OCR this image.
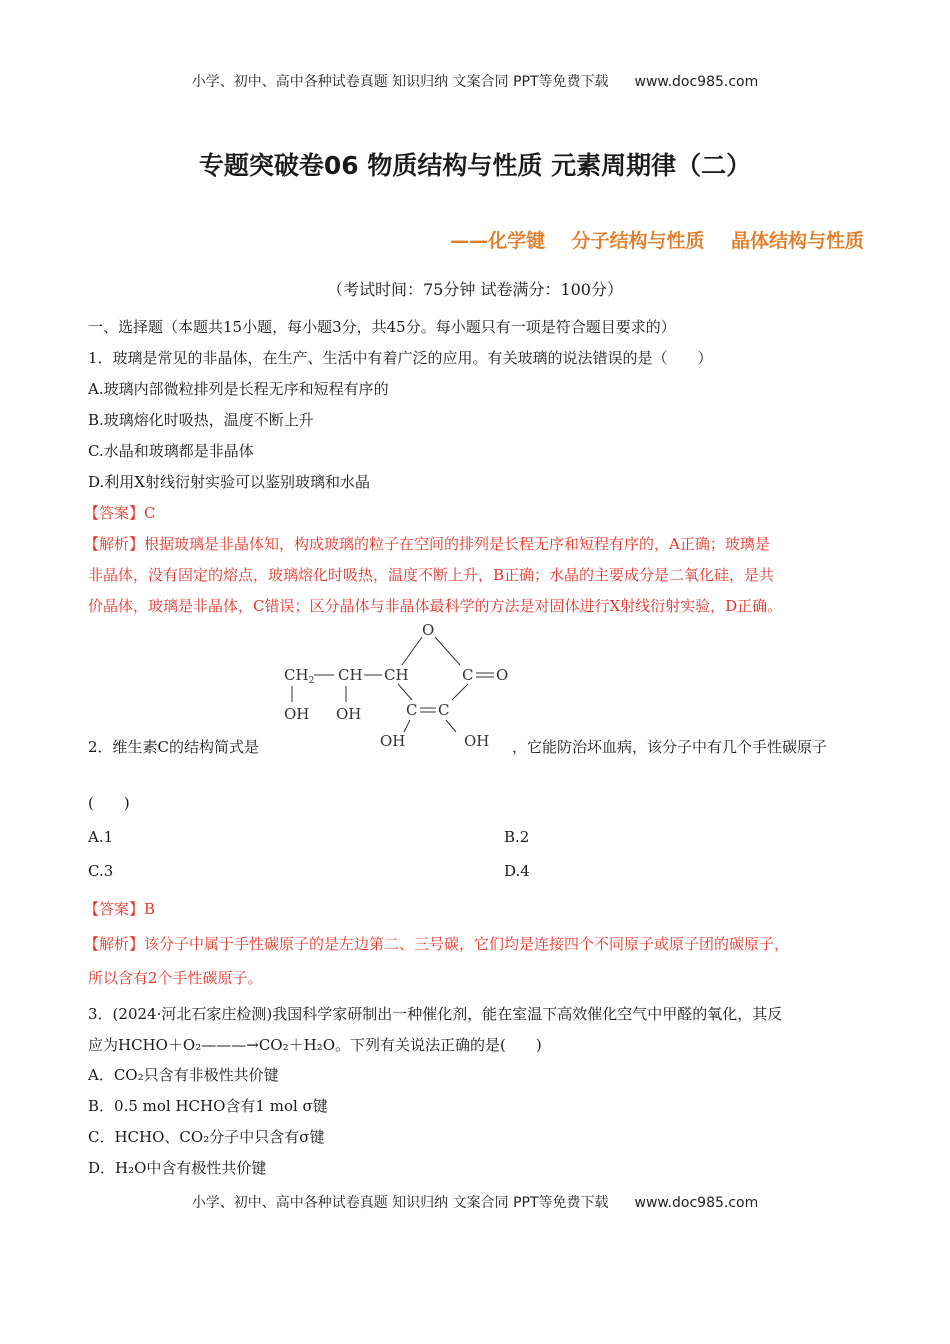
小学、初中、高中各种试卷真题 知识归纳 文案合同 PPT等免费下载 www.doc985.com
专题突破卷06 物质结构与性质 元素周期律（二）
——化学键    分子结构与性质    晶体结构与性质
（考试时间：75分钟 试卷满分：100分）
一、选择题（本题共15小题，每小题3分，共45分。每小题只有一项是符合题目要求的）
1．玻璃是常见的非晶体，在生产、生活中有着广泛的应用。有关玻璃的说法错误的是（　　）
A.玻璃内部微粒排列是长程无序和短程有序的
B.玻璃熔化时吸热，温度不断上升
C.水晶和玻璃都是非晶体
D.利用X射线衍射实验可以鉴别玻璃和水晶
【答案】C
【解析】根据玻璃是非晶体知，构成玻璃的粒子在空间的排列是长程无序和短程有序的，A正确；玻璃是
非晶体，没有固定的熔点，玻璃熔化时吸热，温度不断上升，B正确；水晶的主要成分是二氧化硅，是共
价晶体，玻璃是非晶体，C错误；区分晶体与非晶体最科学的方法是对固体进行X射线衍射实验，D正确。
$CH_2$ CH CH
O
C O
C C
OH OH
OH	OH
2．维生素C的结构简式是	，它能防治坏血病，该分子中有几个手性碳原子
(　　)
A.1	B.2
C.3	D.4
【答案】B
【解析】该分子中属于手性碳原子的是左边第二、三号碳，它们均是连接四个不同原子或原子团的碳原子，
所以含有2个手性碳原子。
3．(2024·河北石家庄检测)我国科学家研制出一种催化剂，能在室温下高效催化空气中甲醛的氧化，其反
应为HCHO＋O₂———→CO₂＋H₂O。下列有关说法正确的是(　　)
A．CO₂只含有非极性共价键
B．0.5 mol HCHO含有1 mol σ键
C．HCHO、CO₂分子中只含有σ键
D．H₂O中含有极性共价键
小学、初中、高中各种试卷真题 知识归纳 文案合同 PPT等免费下载 www.doc985.com
